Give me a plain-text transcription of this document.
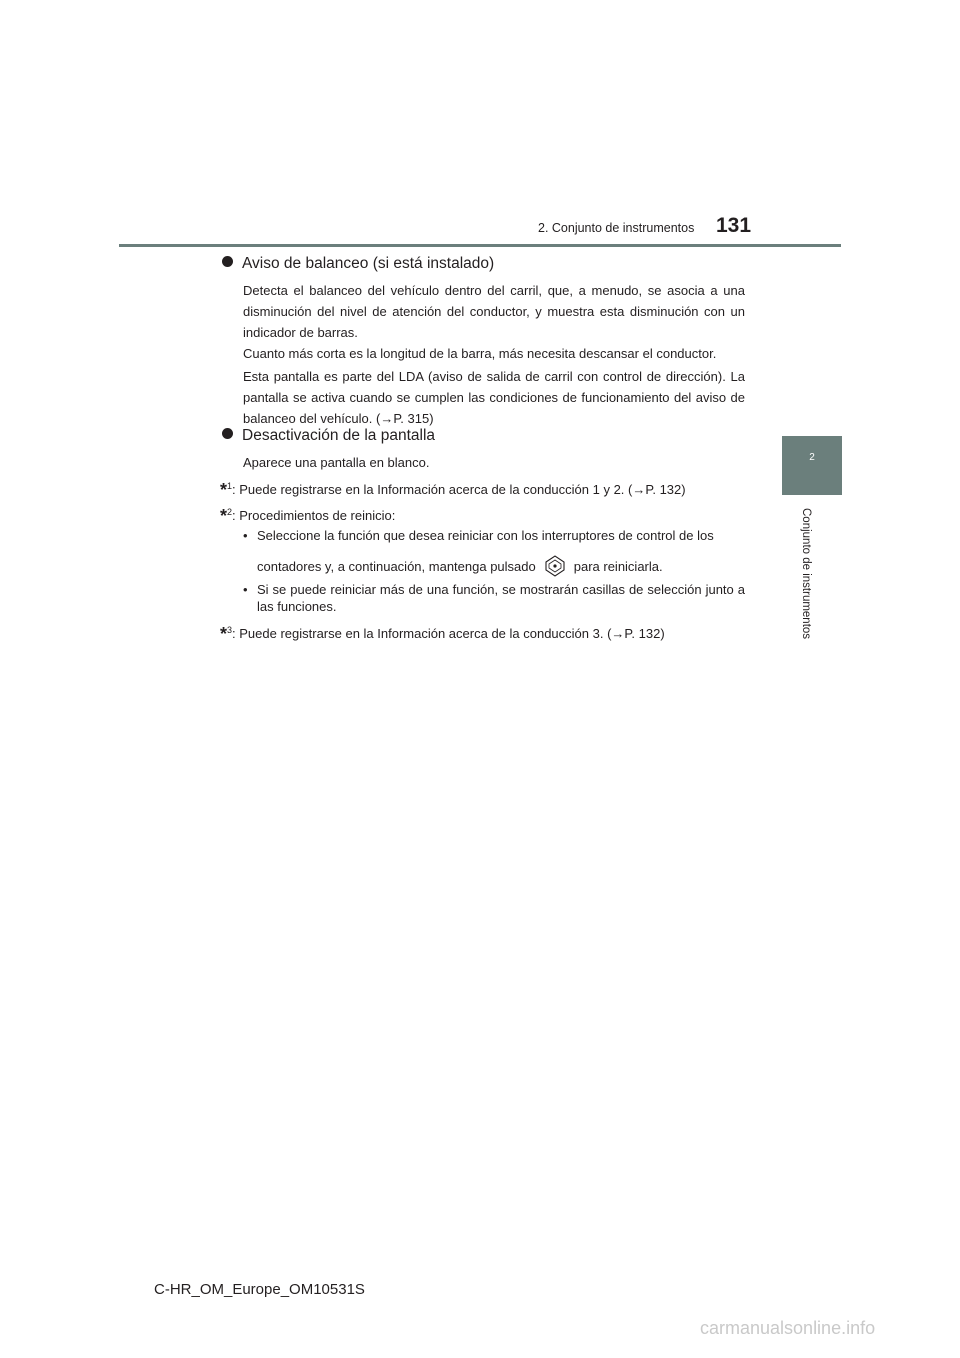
2. Conjunto de instrumentos 131
2
Conjunto de instrumentos
Aviso de balanceo (si está instalado)
Detecta el balanceo del vehículo dentro del carril, que, a menudo, se asocia a una disminución del nivel de atención del conductor, y muestra esta disminución con un indicador de barras.
Cuanto más corta es la longitud de la barra, más necesita descansar el conductor.
Esta pantalla es parte del LDA (aviso de salida de carril con control de dirección). La pantalla se activa cuando se cumplen las condiciones de funcionamiento del aviso de balanceo del vehículo. (→P. 315)
Desactivación de la pantalla
Aparece una pantalla en blanco.
*$^1$: Puede registrarse en la Información acerca de la conducción 1 y 2. (→P. 132)
*$^2$: Procedimientos de reinicio:
• Seleccione la función que desea reiniciar con los interruptores de control de los
contadores y, a continuación, mantenga pulsado	para reiniciarla.
• Si se puede reiniciar más de una función, se mostrarán casillas de selección junto a las funciones.
*$^3$: Puede registrarse en la Información acerca de la conducción 3. (→P. 132)
C-HR_OM_Europe_OM10531S
carmanualsonline.info
